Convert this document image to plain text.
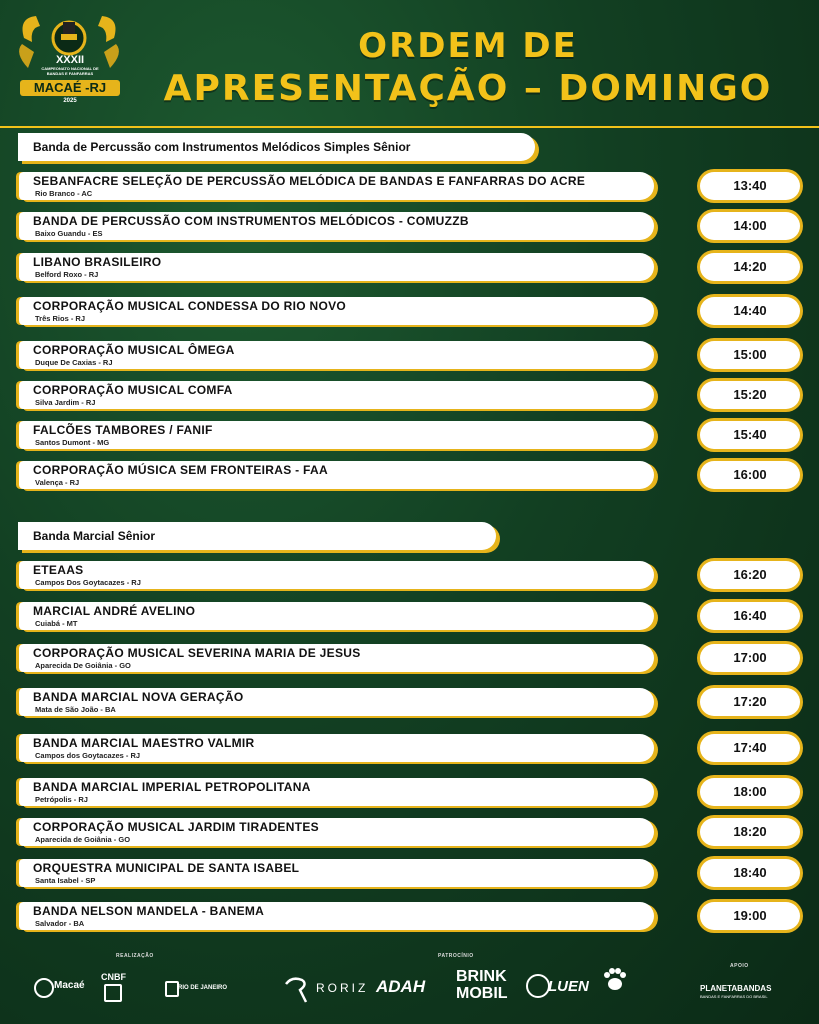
XXXII
CAMPEONATO NACIONAL DE BANDAS E FANFARRAS
MACAÉ -RJ
2025
ORDEM DE
APRESENTAÇÃO – DOMINGO
Banda de Percussão com Instrumentos Melódicos Simples Sênior
SEBANFACRE SELEÇÃO DE PERCUSSÃO MELÓDICA DE BANDAS E FANFARRAS DO ACRE
Rio Branco - AC
13:40
BANDA DE PERCUSSÃO COM INSTRUMENTOS MELÓDICOS - COMUZZB
Baixo Guandu - ES
14:00
LIBANO BRASILEIRO
Belford Roxo - RJ
14:20
CORPORAÇÃO MUSICAL CONDESSA DO RIO NOVO
Três Rios - RJ
14:40
CORPORAÇÃO MUSICAL ÔMEGA
Duque De Caxias - RJ
15:00
CORPORAÇÃO MUSICAL COMFA
Silva Jardim - RJ
15:20
FALCÕES TAMBORES / FANIF
Santos Dumont - MG
15:40
CORPORAÇÃO MÚSICA SEM FRONTEIRAS - FAA
Valença - RJ
16:00
Banda Marcial Sênior
ETEAAS
Campos Dos Goytacazes - RJ
16:20
MARCIAL ANDRÉ AVELINO
Cuiabá - MT
16:40
CORPORAÇÃO MUSICAL SEVERINA MARIA DE JESUS
Aparecida De Goiânia - GO
17:00
BANDA MARCIAL NOVA GERAÇÃO
Mata de São João - BA
17:20
BANDA MARCIAL MAESTRO VALMIR
Campos dos Goytacazes - RJ
17:40
BANDA MARCIAL IMPERIAL PETROPOLITANA
Petrópolis - RJ
18:00
CORPORAÇÃO MUSICAL JARDIM TIRADENTES
Aparecida de Goiânia - GO
18:20
ORQUESTRA MUNICIPAL DE SANTA ISABEL
Santa Isabel - SP
18:40
BANDA NELSON MANDELA - BANEMA
Salvador - BA
19:00
REALIZAÇÃO	PATROCÍNIO
APOIO
Macaé
CNBF
RIO DE JANEIRO	RORIZ ADAH
BRINK
MOBIL	LUEN	PLANETABANDAS
BANDAS E FANFARRAS DO BRASIL
